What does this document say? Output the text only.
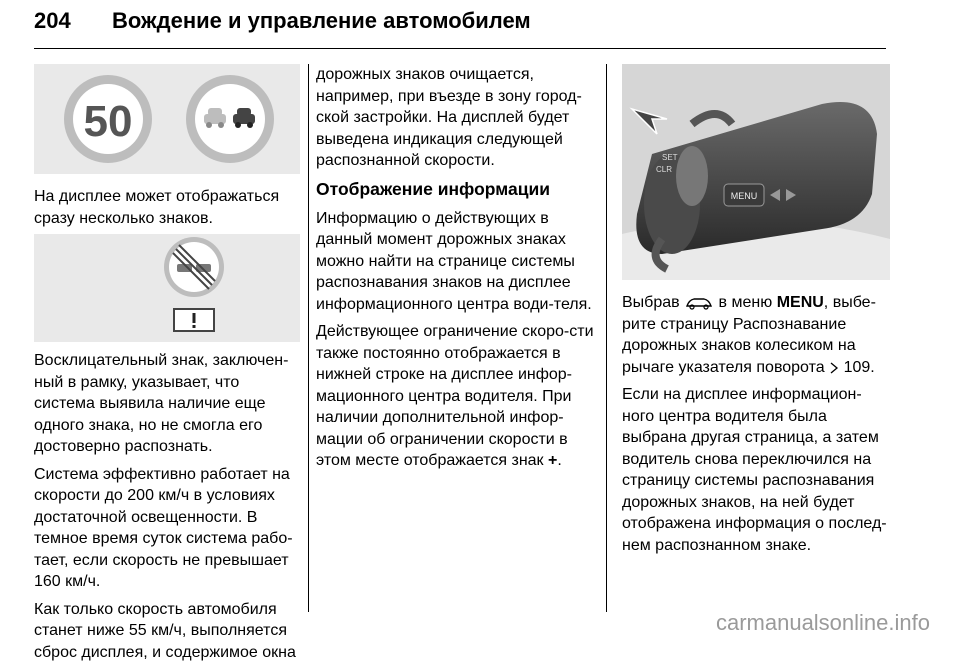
204 Вождение и управление автомобилем
50

На дисплее может отображаться сразу несколько знаков.

Восклицательный знак, заключен-ный в рамку, указывает, что система выявила наличие еще одного знака, но не смогла его достоверно распознать.

Система эффективно работает на скорости до 200 км/ч в условиях достаточной освещенности. В темное время суток система рабо-тает, если скорость не превышает 160 км/ч.

Как только скорость автомобиля станет ниже 55 км/ч, выполняется сброс дисплея, и содержимое окна

дорожных знаков очищается, например, при въезде в зону город-ской застройки. На дисплей будет выведена индикация следующей распознанной скорости.

Отображение информации

Информацию о действующих в данный момент дорожных знаках можно найти на странице системы распознавания знаков на дисплее информационного центра води-теля.

Действующее ограничение скоро-сти также постоянно отображается в нижней строке на дисплее инфор-мационного центра водителя. При наличии дополнительной инфор-мации об ограничении скорости в этом месте отображается знак +.

SET
CLR
MENU

Выбрав в меню MENU, выбе-рите страницу Распознавание дорожных знаков колесиком на рычаге указателя поворота 109.

Если на дисплее информацион-ного центра водителя была выбрана другая страница, а затем водитель снова переключился на страницу системы распознавания дорожных знаков, на ней будет отображена информация о послед-нем распознанном знаке.

carmanualsonline.info
